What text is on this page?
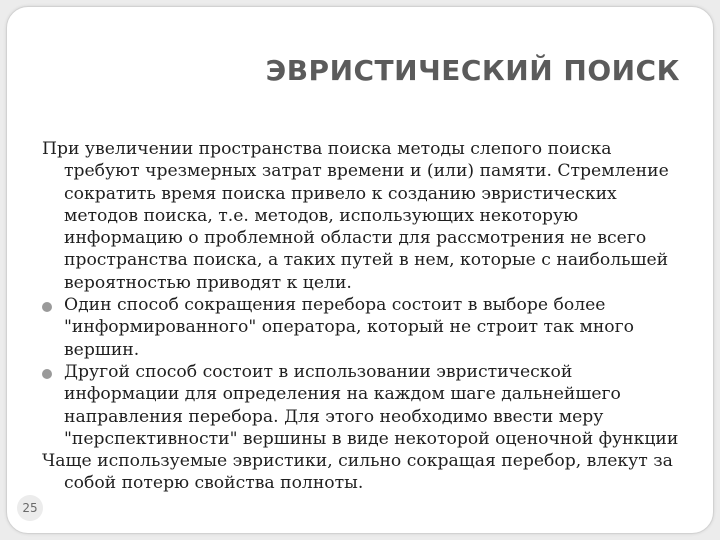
ЭВРИСТИЧЕСКИЙ ПОИСК

При увеличении пространства поиска методы слепого поиска требуют чрезмерных затрат времени и (или) памяти. Стремление сократить время поиска привело к созданию эвристических методов поиска, т.е. методов, использующих некоторую информацию о проблемной области для рассмотрения не всего пространства поиска, а таких путей в нем, которые с наибольшей вероятностью приводят к цели.

Один способ сокращения перебора состоит в выборе более "информированного" оператора, который не строит так много вершин.
Другой способ состоит в использовании эвристической информации для определения на каждом шаге дальнейшего направления перебора. Для этого необходимо ввести меру "перспективности" вершины в виде некоторой оценочной функции

Чаще используемые эвристики, сильно сокращая перебор, влекут за собой потерю свойства полноты.

25
